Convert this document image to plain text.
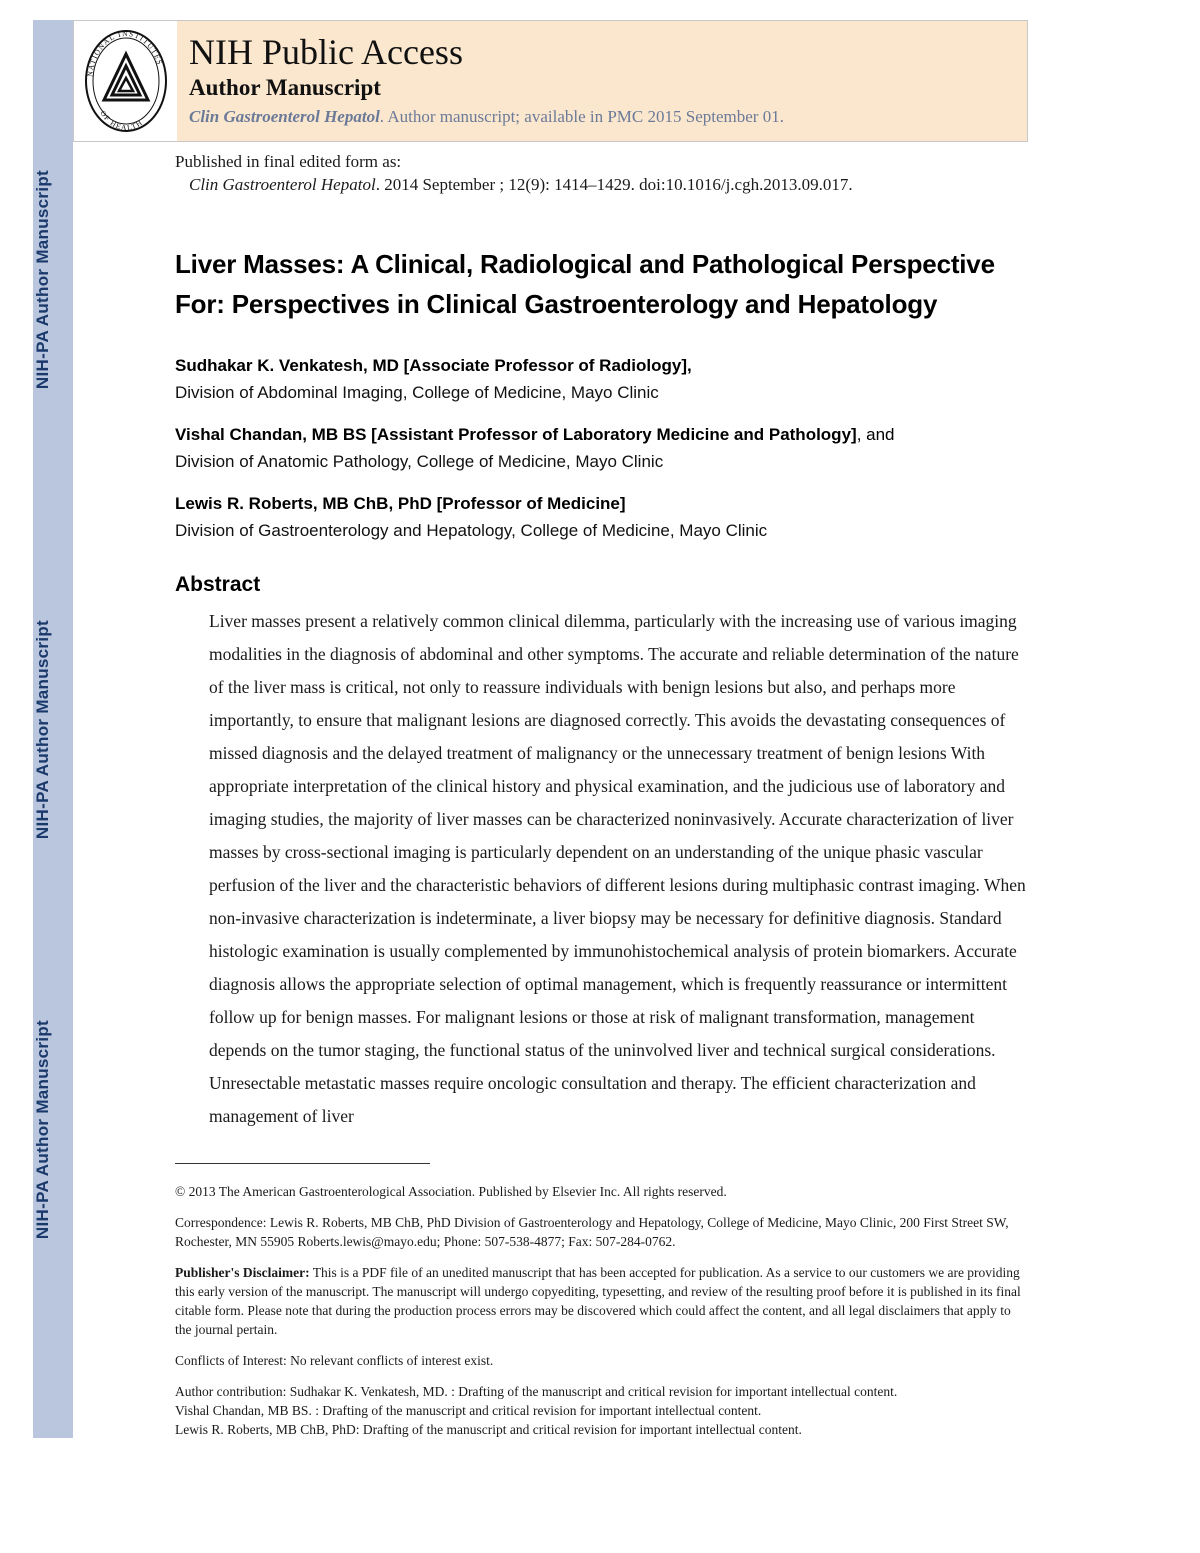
NIH-PA Author Manuscript
NIH-PA Author Manuscript
NIH-PA Author Manuscript
NATIONAL INSTITUTES
OF HEALTH
NIH Public Access
Author Manuscript
Clin Gastroenterol Hepatol. Author manuscript; available in PMC 2015 September 01.
Published in final edited form as:
Clin Gastroenterol Hepatol. 2014 September ; 12(9): 1414–1429. doi:10.1016/j.cgh.2013.09.017.
Liver Masses: A Clinical, Radiological and Pathological Perspective For: Perspectives in Clinical Gastroenterology and Hepatology
Sudhakar K. Venkatesh, MD [Associate Professor of Radiology],
Division of Abdominal Imaging, College of Medicine, Mayo Clinic
Vishal Chandan, MB BS [Assistant Professor of Laboratory Medicine and Pathology], and
Division of Anatomic Pathology, College of Medicine, Mayo Clinic
Lewis R. Roberts, MB ChB, PhD [Professor of Medicine]
Division of Gastroenterology and Hepatology, College of Medicine, Mayo Clinic
Abstract
Liver masses present a relatively common clinical dilemma, particularly with the increasing use of various imaging modalities in the diagnosis of abdominal and other symptoms. The accurate and reliable determination of the nature of the liver mass is critical, not only to reassure individuals with benign lesions but also, and perhaps more importantly, to ensure that malignant lesions are diagnosed correctly. This avoids the devastating consequences of missed diagnosis and the delayed treatment of malignancy or the unnecessary treatment of benign lesions With appropriate interpretation of the clinical history and physical examination, and the judicious use of laboratory and imaging studies, the majority of liver masses can be characterized noninvasively. Accurate characterization of liver masses by cross-sectional imaging is particularly dependent on an understanding of the unique phasic vascular perfusion of the liver and the characteristic behaviors of different lesions during multiphasic contrast imaging. When non-invasive characterization is indeterminate, a liver biopsy may be necessary for definitive diagnosis. Standard histologic examination is usually complemented by immunohistochemical analysis of protein biomarkers. Accurate diagnosis allows the appropriate selection of optimal management, which is frequently reassurance or intermittent follow up for benign masses. For malignant lesions or those at risk of malignant transformation, management depends on the tumor staging, the functional status of the uninvolved liver and technical surgical considerations. Unresectable metastatic masses require oncologic consultation and therapy. The efficient characterization and management of liver

© 2013 The American Gastroenterological Association. Published by Elsevier Inc. All rights reserved.

Correspondence: Lewis R. Roberts, MB ChB, PhD Division of Gastroenterology and Hepatology, College of Medicine, Mayo Clinic, 200 First Street SW, Rochester, MN 55905 Roberts.lewis@mayo.edu; Phone: 507-538-4877; Fax: 507-284-0762.

Publisher's Disclaimer: This is a PDF file of an unedited manuscript that has been accepted for publication. As a service to our customers we are providing this early version of the manuscript. The manuscript will undergo copyediting, typesetting, and review of the resulting proof before it is published in its final citable form. Please note that during the production process errors may be discovered which could affect the content, and all legal disclaimers that apply to the journal pertain.

Conflicts of Interest: No relevant conflicts of interest exist.

Author contribution: Sudhakar K. Venkatesh, MD. : Drafting of the manuscript and critical revision for important intellectual content.
Vishal Chandan, MB BS. : Drafting of the manuscript and critical revision for important intellectual content.
Lewis R. Roberts, MB ChB, PhD: Drafting of the manuscript and critical revision for important intellectual content.
